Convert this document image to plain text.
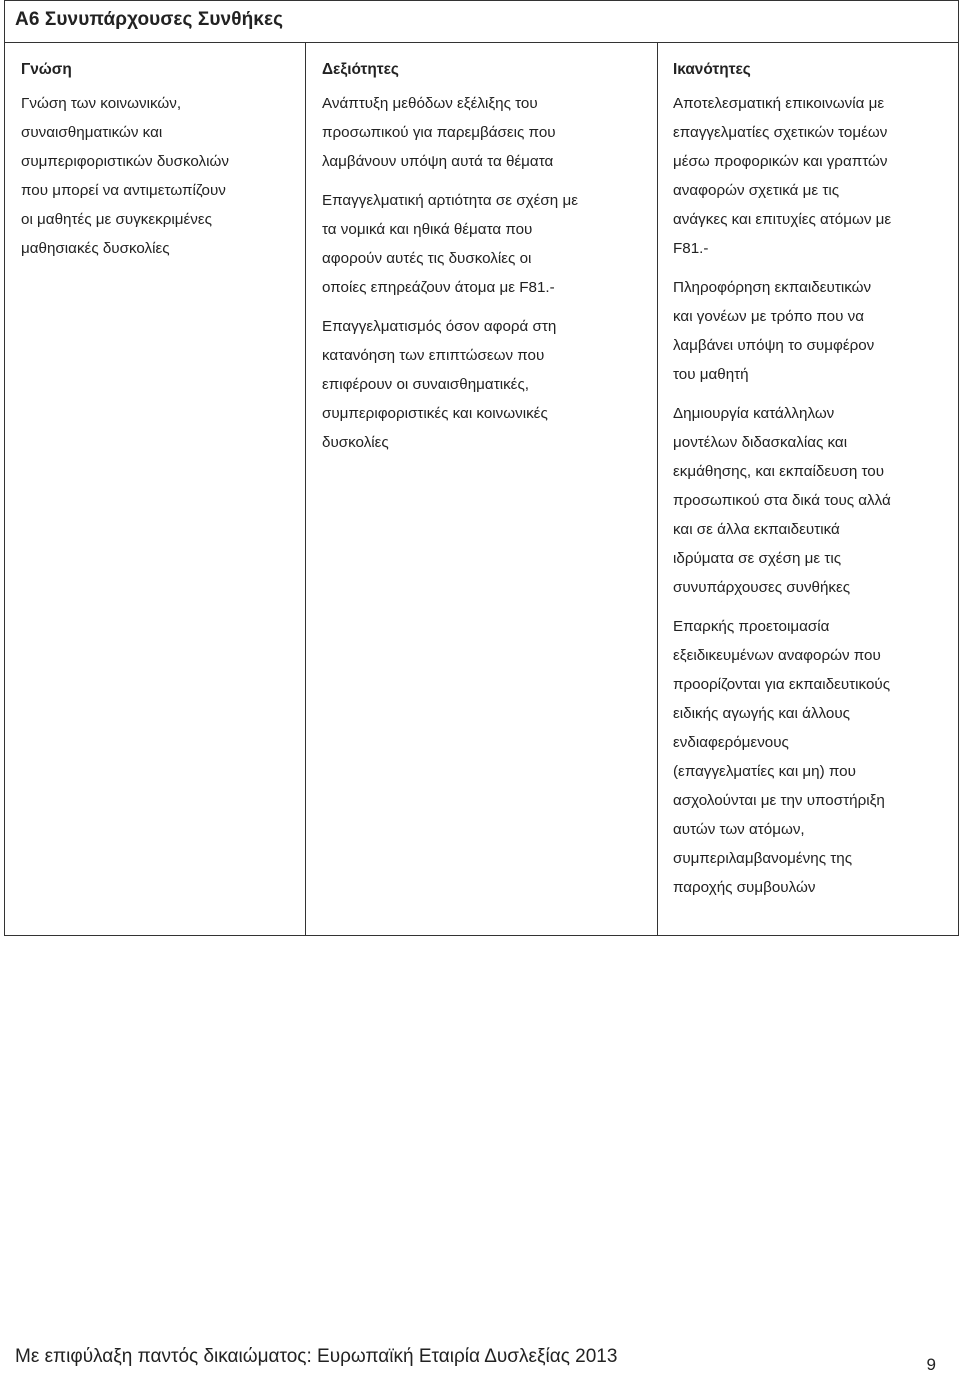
Α6 Συνυπάρχουσες Συνθήκες
Γνώση

Γνώση των κοινωνικών,
συναισθηματικών και
συμπεριφοριστικών δυσκολιών
που μπορεί να αντιμετωπίζουν
οι μαθητές με συγκεκριμένες
μαθησιακές δυσκολίες

Δεξιότητες

Ανάπτυξη μεθόδων εξέλιξης του
προσωπικού για παρεμβάσεις που
λαμβάνουν υπόψη αυτά τα θέματα

Επαγγελματική αρτιότητα σε σχέση με
τα νομικά και ηθικά θέματα που
αφορούν αυτές τις δυσκολίες οι
οποίες επηρεάζουν άτομα με F81.-

Επαγγελματισμός όσον αφορά στη
κατανόηση των επιπτώσεων που
επιφέρουν οι συναισθηματικές,
συμπεριφοριστικές και κοινωνικές
δυσκολίες

Ικανότητες

Αποτελεσματική επικοινωνία με
επαγγελματίες σχετικών τομέων
μέσω προφορικών και γραπτών
αναφορών σχετικά με τις
ανάγκες και επιτυχίες ατόμων με
F81.-

Πληροφόρηση εκπαιδευτικών
και γονέων με τρόπο που να
λαμβάνει υπόψη το συμφέρον
του μαθητή

Δημιουργία κατάλληλων
μοντέλων διδασκαλίας και
εκμάθησης, και εκπαίδευση του
προσωπικού στα δικά τους αλλά
και σε άλλα εκπαιδευτικά
ιδρύματα σε σχέση με τις
συνυπάρχουσες συνθήκες

Επαρκής προετοιμασία
εξειδικευμένων αναφορών που
προορίζονται για εκπαιδευτικούς
ειδικής αγωγής και άλλους
ενδιαφερόμενους
(επαγγελματίες και μη) που
ασχολούνται με την υποστήριξη
αυτών των ατόμων,
συμπεριλαμβανομένης της
παροχής συμβουλών

Με επιφύλαξη παντός δικαιώματος: Ευρωπαϊκή Εταιρία Δυσλεξίας 2013	9
